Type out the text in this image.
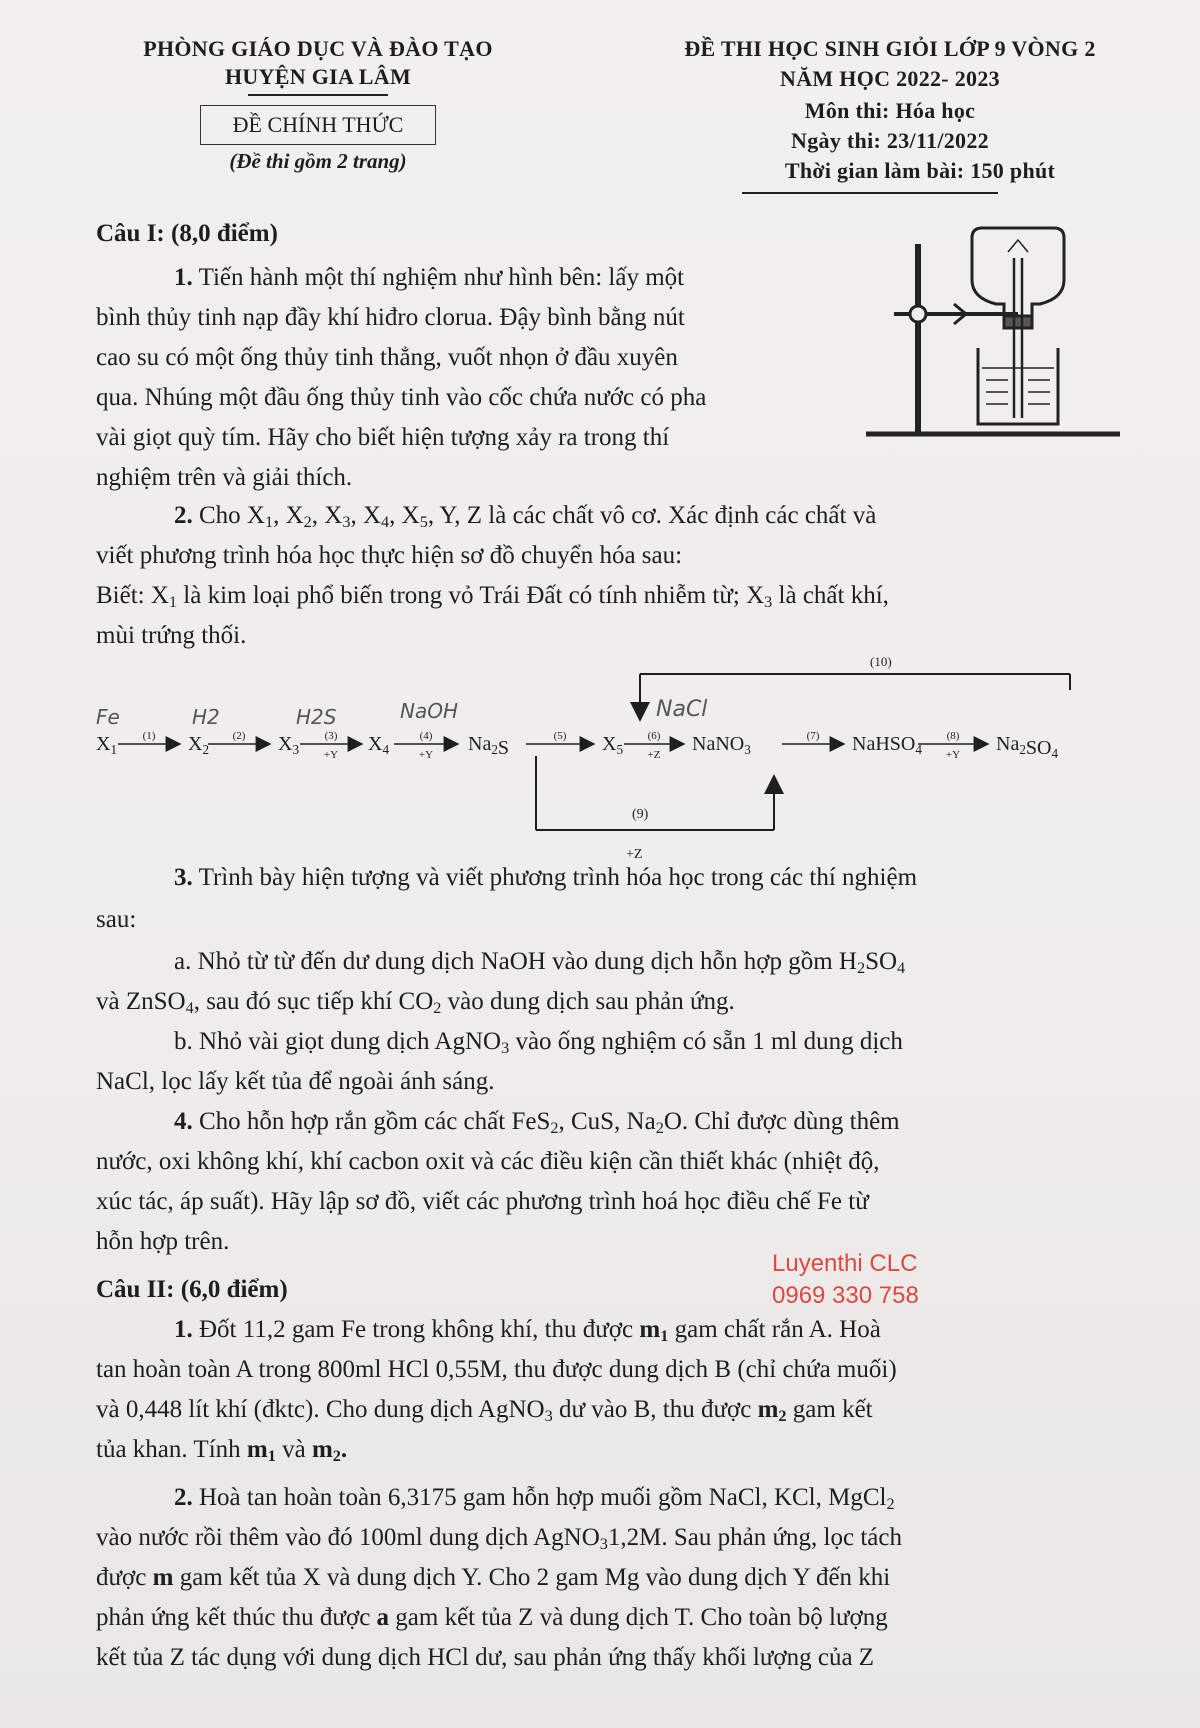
PHÒNG GIÁO DỤC VÀ ĐÀO TẠO
HUYỆN GIA LÂM
ĐỀ CHÍNH THỨC
(Đề thi gồm 2 trang)
ĐỀ THI HỌC SINH GIỎI LỚP 9 VÒNG 2
NĂM HỌC 2022- 2023
Môn thi: Hóa học
Ngày thi: 23/11/2022
Thời gian làm bài: 150 phút
Câu I: (8,0 điểm)
1. Tiến hành một thí nghiệm như hình bên: lấy một
bình thủy tinh nạp đầy khí hiđro clorua. Đậy bình bằng nút
cao su có một ống thủy tinh thẳng, vuốt nhọn ở đầu xuyên
qua. Nhúng một đầu ống thủy tinh vào cốc chứa nước có pha
vài giọt quỳ tím. Hãy cho biết hiện tượng xảy ra trong thí
nghiệm trên và giải thích.
2. Cho $X_1$, $X_2$, $X_3$, $X_4$, $X_5$, Y, Z là các chất vô cơ. Xác định các chất và
viết phương trình hóa học thực hiện sơ đồ chuyển hóa sau:
Biết: $X_1$ là kim loại phổ biến trong vỏ Trái Đất có tính nhiễm từ; $X_3$ là chất khí,
mùi trứng thối.
(10)
(9)
+Z
$X_1$	$X_2$	$X_3$	$X_4$	$Na_2S$	$X_5$	NaNO$_3$	NaHSO$_4$	$Na_2SO_4$
(1)	(2)	(3)
+Y
(4)
+Y
(5)	(6)
+Z
(7)	(8)
+Y
Fe	H2	H2S	NaOH	NaCl
3. Trình bày hiện tượng và viết phương trình hóa học trong các thí nghiệm
sau:
a. Nhỏ từ từ đến dư dung dịch NaOH vào dung dịch hỗn hợp gồm $H_2SO_4$
và ZnSO$_4$, sau đó sục tiếp khí $CO_2$ vào dung dịch sau phản ứng.
b. Nhỏ vài giọt dung dịch AgNO$_3$ vào ống nghiệm có sẵn 1 ml dung dịch
NaCl, lọc lấy kết tủa để ngoài ánh sáng.
4. Cho hỗn hợp rắn gồm các chất FeS$_2$, CuS, $Na_2O$. Chỉ được dùng thêm
nước, oxi không khí, khí cacbon oxit và các điều kiện cần thiết khác (nhiệt độ,
xúc tác, áp suất). Hãy lập sơ đồ, viết các phương trình hoá học điều chế Fe từ
hỗn hợp trên.
Luyenthi CLC
0969 330 758
Câu II: (6,0 điểm)
1. Đốt 11,2 gam Fe trong không khí, thu được $m_1$ gam chất rắn A. Hoà
tan hoàn toàn A trong 800ml HCl 0,55M, thu được dung dịch B (chỉ chứa muối)
và 0,448 lít khí (đktc). Cho dung dịch AgNO$_3$ dư vào B, thu được $m_2$ gam kết
tủa khan. Tính $m_1$ và $m_2$.
2. Hoà tan hoàn toàn 6,3175 gam hỗn hợp muối gồm NaCl, KCl, MgCl$_2$
vào nước rồi thêm vào đó 100ml dung dịch AgNO$_3$1,2M. Sau phản ứng, lọc tách
được m gam kết tủa X và dung dịch Y. Cho 2 gam Mg vào dung dịch Y đến khi
phản ứng kết thúc thu được a gam kết tủa Z và dung dịch T. Cho toàn bộ lượng
kết tủa Z tác dụng với dung dịch HCl dư, sau phản ứng thấy khối lượng của Z
